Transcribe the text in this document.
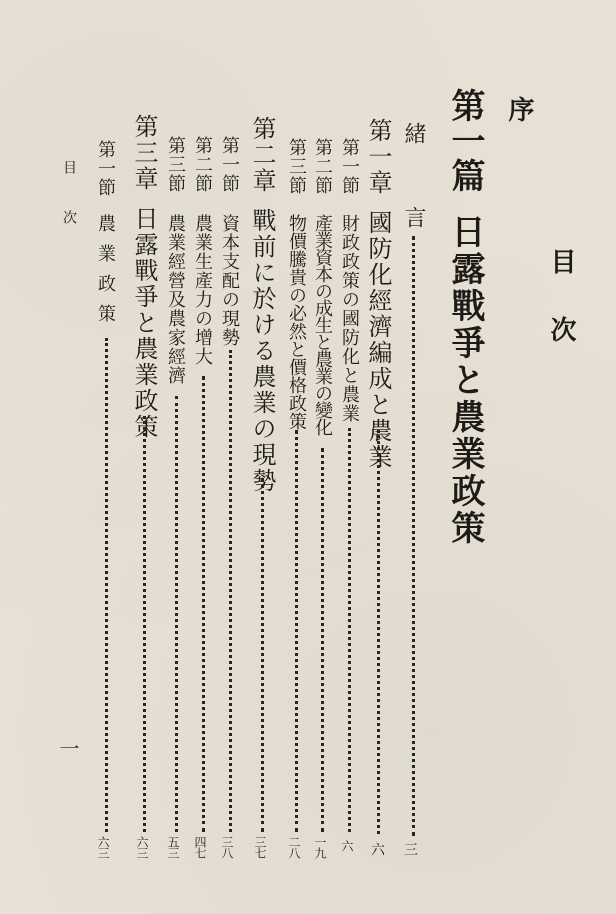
目次
序
第一篇
日露戰爭と農業政策
緒
言
三
第一章
國防化經濟編成と農業
六
第一節
財政政策の國防化と農業
六
第二節
產業資本の成生と農業の變化
一九
第三節
物價騰貴の必然と價格政策
二八
第二章
戰前に於ける農業の現勢
三七
第一節
資本支配の現勢
三八
第二節
農業生產力の增大
四七
第三節
農業經營及農家經濟
五三
第三章
日露戰爭と農業政策
六三
第一節
農業政策
六三
目次
一
